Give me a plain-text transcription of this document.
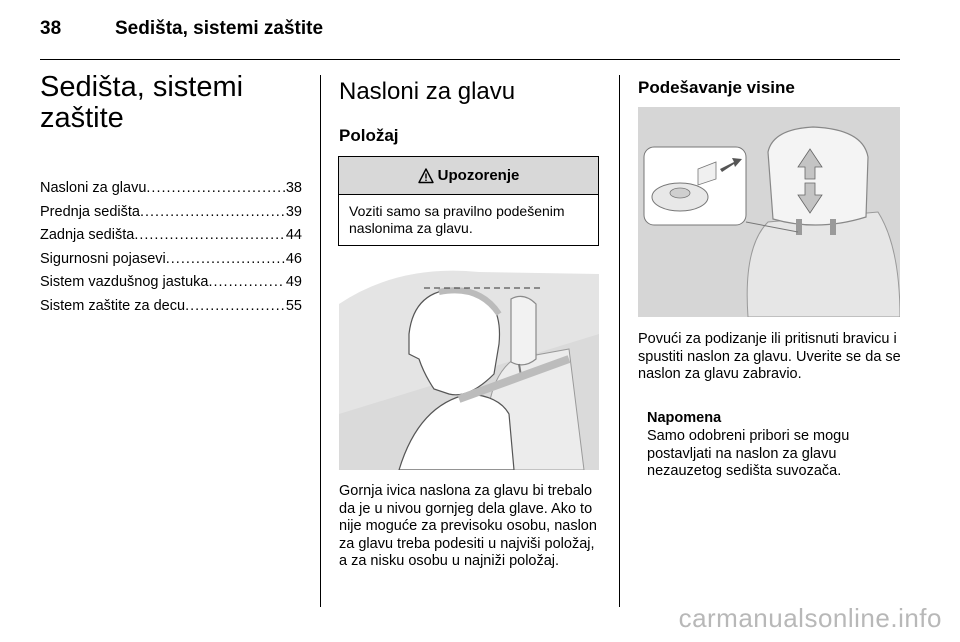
38	Sedišta, sistemi zaštite
Sedišta, sistemi zaštite
Nasloni za glavu .....	38
Prednja sedišta .....	39
Zadnja sedišta .....	44
Sigurnosni pojasevi .....	46
Sistem vazdušnog jastuka .....	49
Sistem zaštite za decu .....	55
Nasloni za glavu
Položaj
Upozorenje
Voziti samo sa pravilno podešenim naslonima za glavu.

Gornja ivica naslona za glavu bi trebalo da je u nivou gornjeg dela glave. Ako to nije moguće za previsoku osobu, naslon za glavu treba podesiti u najviši položaj, a za nisku osobu u najniži položaj.

Podešavanje visine

Povući za podizanje ili pritisnuti bravicu i spustiti naslon za glavu. Uverite se da se naslon za glavu zabravio.

Napomena

Samo odobreni pribori se mogu postavljati na naslon za glavu nezauzetog sedišta suvozača.

carmanualsonline.info
